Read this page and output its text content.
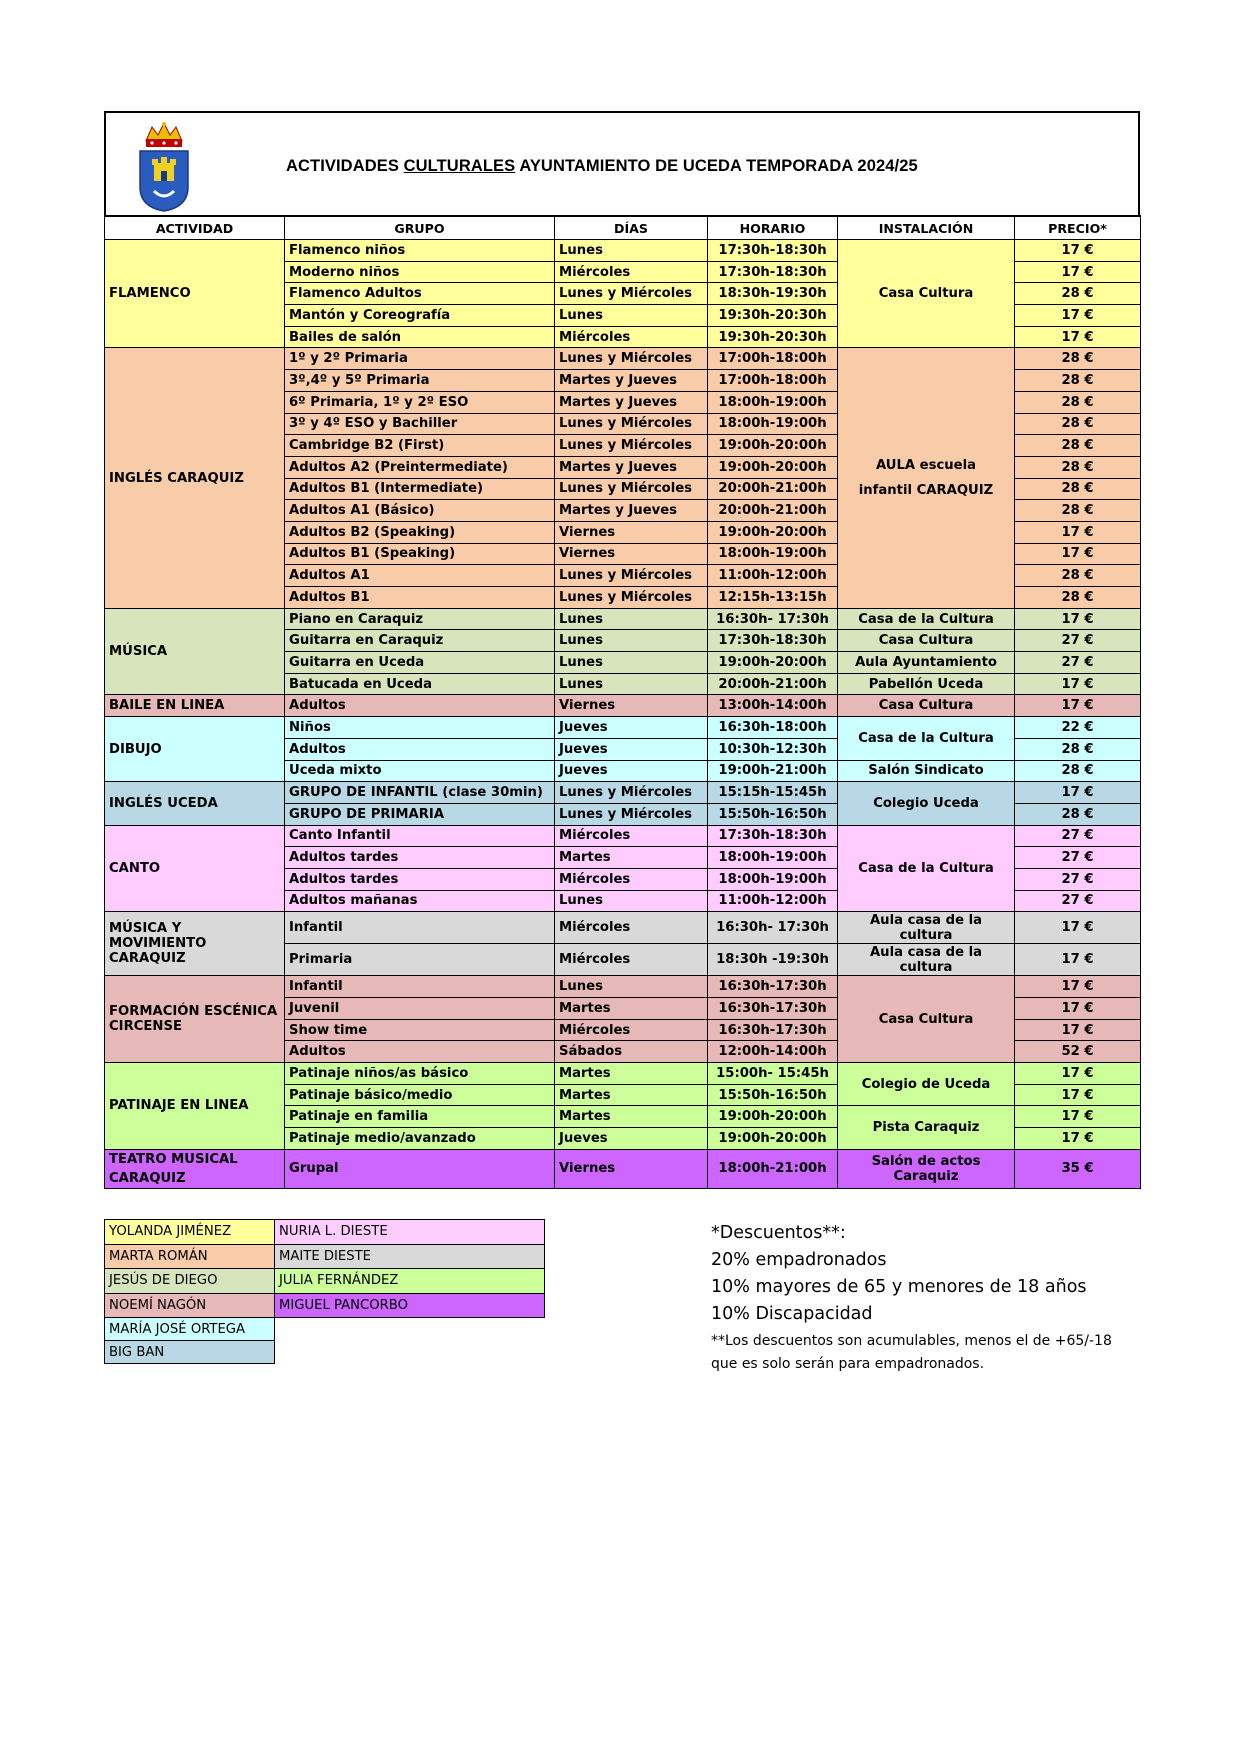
ACTIVIDADES CULTURALES AYUNTAMIENTO DE UCEDA TEMPORADA 2024/25
ACTIVIDAD	GRUPO	DÍAS	HORARIO	INSTALACIÓN	PRECIO*
FLAMENCO	Flamenco niños	Lunes	17:30h-18:30h	Casa Cultura	17 €
	Moderno niños	Miércoles	17:30h-18:30h		17 €
	Flamenco Adultos	Lunes y Miércoles	18:30h-19:30h		28 €
	Mantón y Coreografía	Lunes	19:30h-20:30h		17 €
	Bailes de salón	Miércoles	19:30h-20:30h		17 €
INGLÉS CARAQUIZ	1º y 2º Primaria	Lunes y Miércoles	17:00h-18:00h	AULA escuela infantil CARAQUIZ	28 €
	3º,4º y 5º Primaria	Martes y Jueves	17:00h-18:00h		28 €
	6º Primaria, 1º y 2º ESO	Martes y Jueves	18:00h-19:00h		28 €
	3º y 4º ESO y Bachiller	Lunes y Miércoles	18:00h-19:00h		28 €
	Cambridge B2 (First)	Lunes y Miércoles	19:00h-20:00h		28 €
	Adultos A2 (Preintermediate)	Martes y Jueves	19:00h-20:00h		28 €
	Adultos B1 (Intermediate)	Lunes y Miércoles	20:00h-21:00h		28 €
	Adultos A1 (Básico)	Martes y Jueves	20:00h-21:00h		28 €
	Adultos B2 (Speaking)	Viernes	19:00h-20:00h		17 €
	Adultos B1 (Speaking)	Viernes	18:00h-19:00h		17 €
	Adultos A1	Lunes y Miércoles	11:00h-12:00h		28 €
	Adultos B1	Lunes y Miércoles	12:15h-13:15h		28 €
MÚSICA	Piano en Caraquiz	Lunes	16:30h- 17:30h	Casa de la Cultura	17 €
	Guitarra en Caraquiz	Lunes	17:30h-18:30h	Casa Cultura	27 €
	Guitarra en Uceda	Lunes	19:00h-20:00h	Aula Ayuntamiento	27 €
	Batucada en Uceda	Lunes	20:00h-21:00h	Pabellón Uceda	17 €
BAILE EN LINEA	Adultos	Viernes	13:00h-14:00h	Casa Cultura	17 €
DIBUJO	Niños	Jueves	16:30h-18:00h	Casa de la Cultura	22 €
	Adultos	Jueves	10:30h-12:30h		28 €
	Uceda mixto	Jueves	19:00h-21:00h	Salón Sindicato	28 €
INGLÉS UCEDA	GRUPO DE INFANTIL (clase 30min)	Lunes y Miércoles	15:15h-15:45h	Colegio Uceda	17 €
	GRUPO DE PRIMARIA	Lunes y Miércoles	15:50h-16:50h		28 €
CANTO	Canto Infantil	Miércoles	17:30h-18:30h	Casa de la Cultura	27 €
	Adultos tardes	Martes	18:00h-19:00h		27 €
	Adultos tardes	Miércoles	18:00h-19:00h		27 €
	Adultos mañanas	Lunes	11:00h-12:00h		27 €
MÚSICA Y MOVIMIENTO CARAQUIZ	Infantil	Miércoles	16:30h- 17:30h	Aula casa de la cultura	17 €
	Primaria	Miércoles	18:30h -19:30h	Aula casa de la cultura	17 €
FORMACIÓN ESCÉNICA CIRCENSE	Infantil	Lunes	16:30h-17:30h	Casa Cultura	17 €
	Juvenil	Martes	16:30h-17:30h		17 €
	Show time	Miércoles	16:30h-17:30h		17 €
	Adultos	Sábados	12:00h-14:00h		52 €
PATINAJE EN LINEA	Patinaje niños/as básico	Martes	15:00h- 15:45h	Colegio de Uceda	17 €
	Patinaje básico/medio	Martes	15:50h-16:50h		17 €
	Patinaje en familia	Martes	19:00h-20:00h	Pista Caraquiz	17 €
	Patinaje medio/avanzado	Jueves	19:00h-20:00h		17 €
TEATRO MUSICAL CARAQUIZ	Grupal	Viernes	18:00h-21:00h	Salón de actos Caraquiz	35 €
YOLANDA JIMÉNEZ	NURIA L. DIESTE
MARTA ROMÁN	MAITE DIESTE
JESÚS DE DIEGO	JULIA FERNÁNDEZ
NOEMÍ NAGÓN	MIGUEL PANCORBO
MARÍA JOSÉ ORTEGA	
BIG BAN	
*Descuentos**:
20% empadronados
10% mayores de 65 y menores de 18 años
10% Discapacidad
**Los descuentos son acumulables, menos el de +65/-18
que es solo serán para empadronados.
